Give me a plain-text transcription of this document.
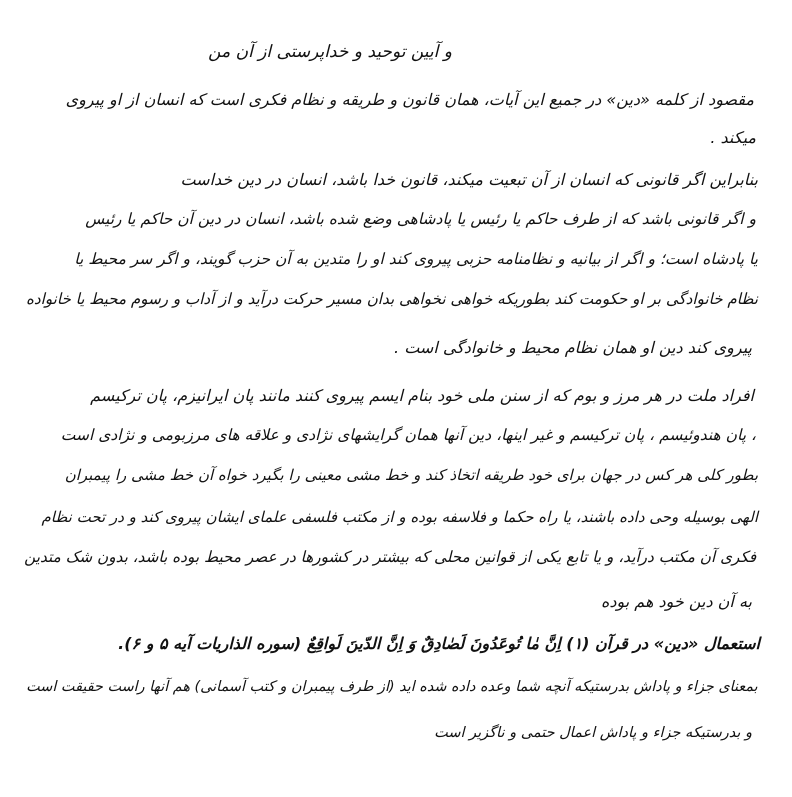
و آیین توحید و خداپرستی از آن من
مقصود از کلمه «دین» در جمیع این آیات، همان قانون و طریقه و نظام فکری است که انسان از او پیروی
میکند .
بنابراین اگر قانونی که انسان از آن تبعیت میکند، قانون خدا باشد، انسان در دین خداست
و اگر قانونی باشد که از طرف حاکم یا رئیس یا پادشاهی وضع شده باشد، انسان در دین آن حاکم یا رئیس
یا پادشاه است؛ و اگر از بیانیه و نظامنامه حزبی پیروی کند او را متدین به آن حزب گویند، و اگر سر محیط یا
نظام خانوادگی بر او حکومت کند بطوریکه خواهی نخواهی بدان مسیر حرکت درآید و از آداب و رسوم محیط یا خانواده
پیروی کند دین او همان نظام محیط و خانوادگی است .
افراد ملت در هر مرز و بوم که از سنن ملی خود بنام ایسم پیروی کنند مانند پان ایرانیزم، پان ترکیسم
، پان هندوئیسم ، پان ترکیسم و غیر اینها، دین آنها همان گرایشهای نژادی و علاقه های مرزبومی و نژادی است
بطور کلی هر کس در جهان برای خود طریقه اتخاذ کند و خط مشی معینی را بگیرد خواه آن خط مشی را پیمبران
الهی بوسیله وحی داده باشند، یا راه حکما و فلاسفه بوده و از مکتب فلسفی علمای ایشان پیروی کند و در تحت نظام
فکری آن مکتب درآید، و یا تابع یکی از قوانین محلی که بیشتر در کشورها در عصر محیط بوده باشد، بدون شک متدین
به آن دین خود هم بوده
استعمال «دین» در قرآن (۱) اِنَّ مٰا تُوعَدُونَ لَصٰادِقٌ وَ اِنَّ الدّینَ لَواقِعٌ (سوره الذاریات آیه ۵ و ۶).
بمعنای جزاء و پاداش بدرستیکه آنچه شما وعده داده شده اید (از طرف پیمبران و کتب آسمانی) هم آنها راست حقیقت است
و بدرستیکه جزاء و پاداش اعمال حتمی و ناگزیر است
